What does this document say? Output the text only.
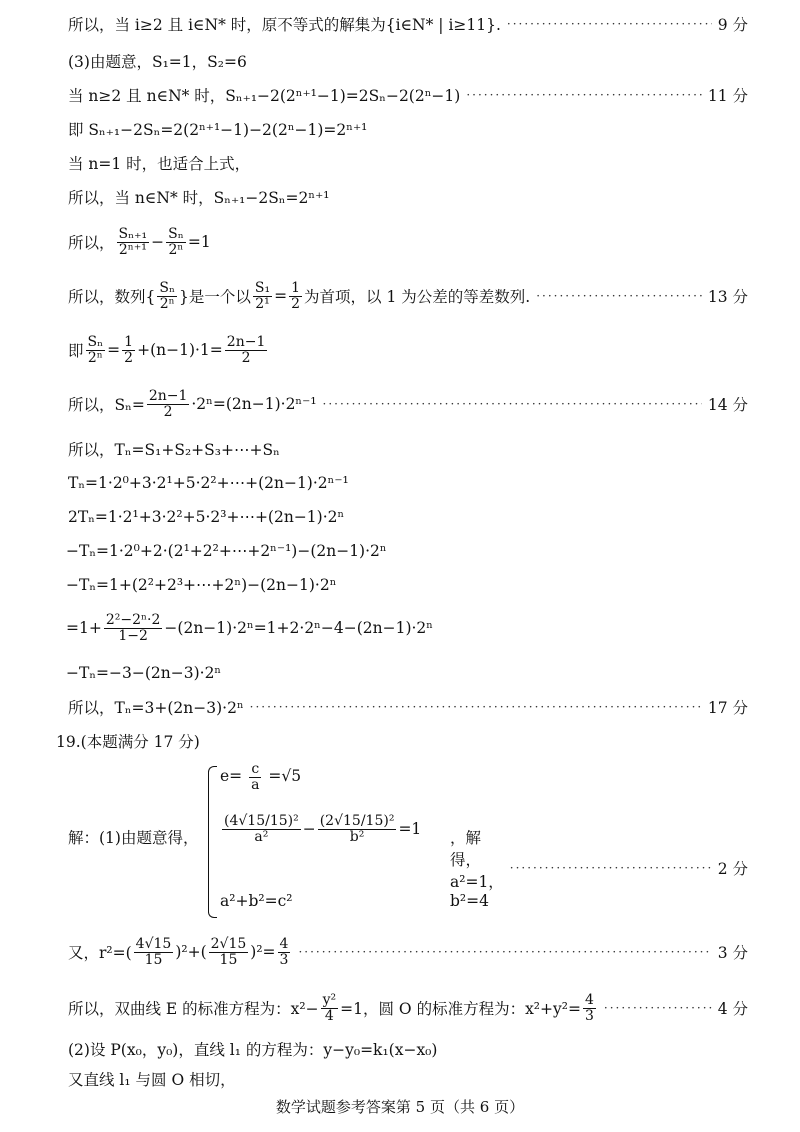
所以，当 i≥2 且 i∈N* 时，原不等式的解集为{i∈N* | i≥11}. ·····	9 分
(3)由题意，S₁=1，S₂=6
当 n≥2 且 n∈N* 时，Sₙ₊₁−2(2ⁿ⁺¹−1)=2Sₙ−2(2ⁿ−1) ·····	11 分
即 Sₙ₊₁−2Sₙ=2(2ⁿ⁺¹−1)−2(2ⁿ−1)=2ⁿ⁺¹
当 n=1 时，也适合上式，
所以，当 n∈N* 时，Sₙ₊₁−2Sₙ=2ⁿ⁺¹
所以， $\frac{\text{Sₙ₊₁}}{\text{2ⁿ⁺¹}} - \frac{\text{Sₙ}}{\text{2ⁿ}} =1$
所以，数列{ $\frac{\text{Sₙ}}{\text{2ⁿ}}$ }是一个以 $\frac{\text{S₁}}{\text{2¹}} = \frac{1}{2}$ 为首项，以 1 为公差的等差数列. ·····	13 分
即 $\frac{\text{Sₙ}}{\text{2ⁿ}} = \frac{1}{2} +(n-1)\cdot 1= \frac{2n-1}{2}$
所以，$S_n= \frac{2n-1}{2} \cdot 2^n=(2n-1)\cdot 2^{n-1}$ ·····	14 分
所以，Tₙ=S₁+S₂+S₃+⋯+Sₙ
Tₙ=1·2⁰+3·2¹+5·2²+⋯+(2n−1)·2ⁿ⁻¹
2Tₙ=1·2¹+3·2²+5·2³+⋯+(2n−1)·2ⁿ
−Tₙ=1·2⁰+2·(2¹+2²+⋯+2ⁿ⁻¹)−(2n−1)·2ⁿ
−Tₙ=1+(2²+2³+⋯+2ⁿ)−(2n−1)·2ⁿ
$=1+ \frac{\text{2²−2ⁿ·2}}{1-2} -(2n-1)\cdot 2^n=1+2\cdot 2^n-4-(2n-1)\cdot 2^n$
−Tₙ=−3−(2n−3)·2ⁿ
所以，Tₙ=3+(2n−3)·2ⁿ ·····	17 分
19.(本题满分 17 分)
解：(1)由题意得，
$e= \frac{c}{a} =√5$
$\frac{\text{(4√15/15)²}}{\text{a²}} - \frac{\text{(2√15/15)²}}{\text{b²}} =1$
a²+b²=c²
，解得，a²=1，b²=4
·····
2 分
又，$r^2=( \frac{4√15}{15} )^2+( \frac{2√15}{15} )^2= \frac{4}{3}$ ·····	3 分
所以，双曲线 E 的标准方程为：$x^2- \frac{\text{y²}}{4} =1$，圆 O 的标准方程为：$x^2+y^2= \frac{4}{3}$ ·····	4 分
(2)设 P(x₀，y₀)，直线 l₁ 的方程为：y−y₀=k₁(x−x₀)
又直线 l₁ 与圆 O 相切，
数学试题参考答案第 5 页（共 6 页）
